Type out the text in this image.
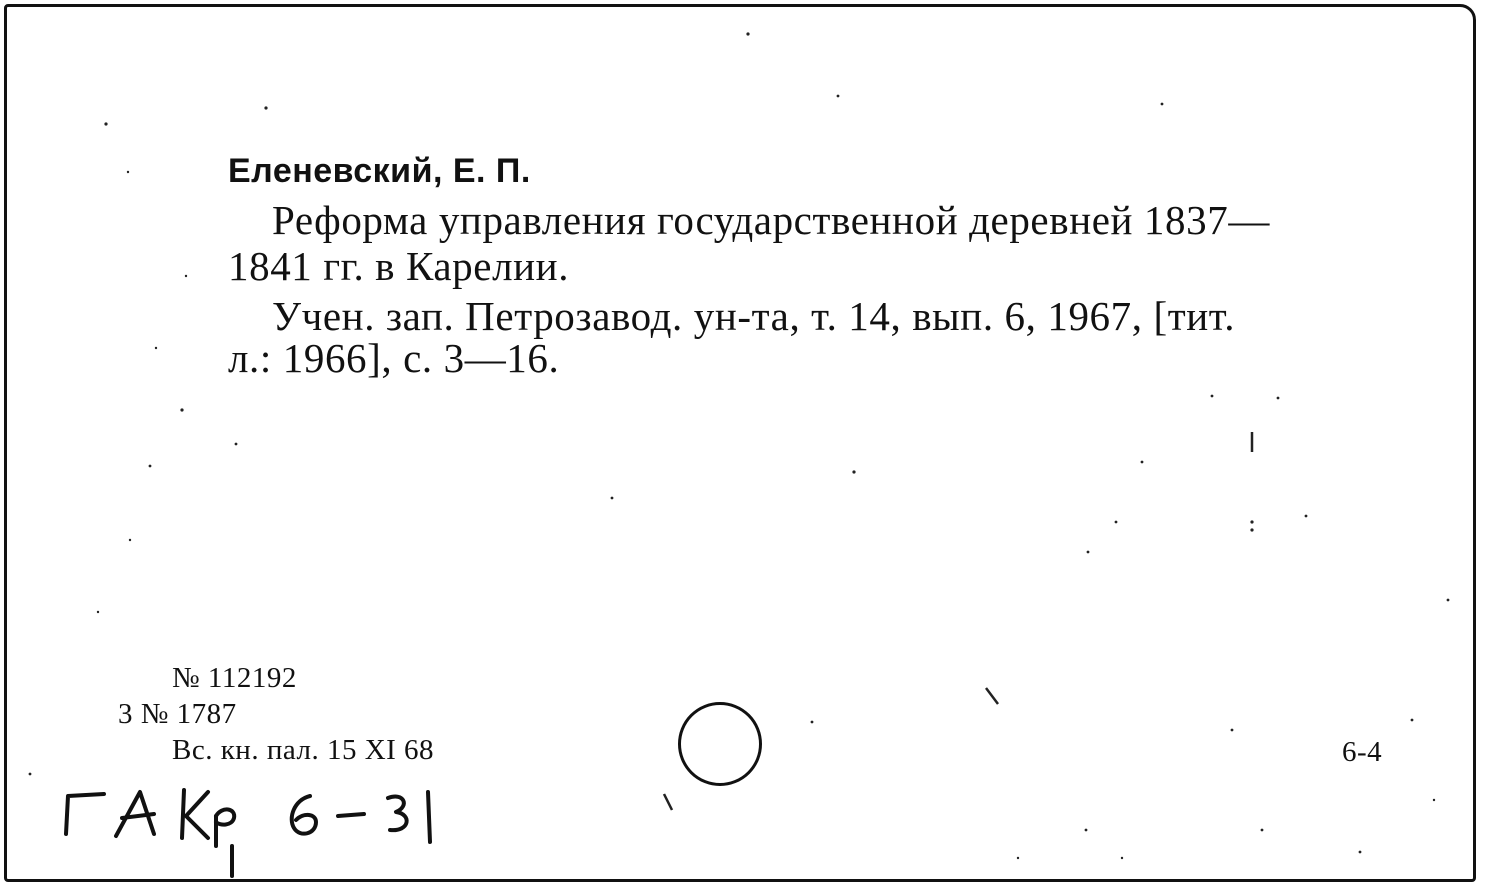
Еленевский, Е. П.
Реформа управления государственной деревней 1837—
1841 гг. в Карелии.
Учен. зап. Петрозавод. ун-та, т. 14, вып. 6, 1967, [тит.
л.: 1966], с. 3—16.
№ 112192
3 № 1787
Вс. кн. пал. 15 XI 68	6-4
